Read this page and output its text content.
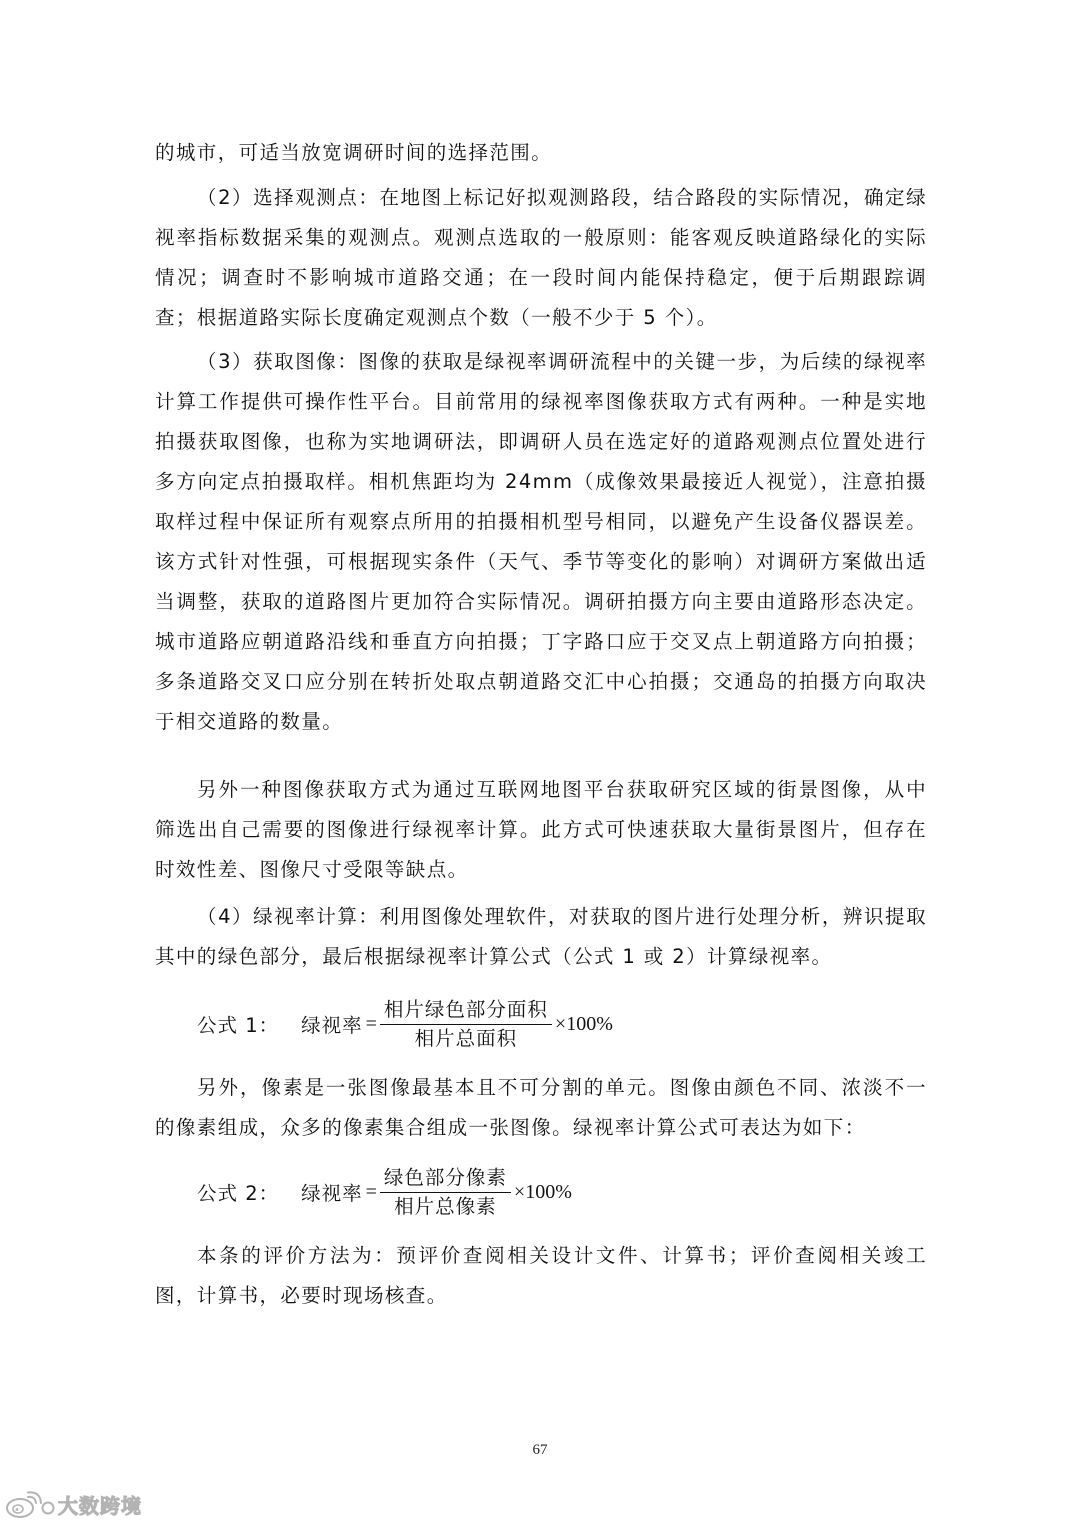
的城市，可适当放宽调研时间的选择范围。

（2）选择观测点：在地图上标记好拟观测路段，结合路段的实际情况，确定绿视率指标数据采集的观测点。观测点选取的一般原则：能客观反映道路绿化的实际情况；调查时不影响城市道路交通；在一段时间内能保持稳定，便于后期跟踪调查；根据道路实际长度确定观测点个数（一般不少于 5 个）。

（3）获取图像：图像的获取是绿视率调研流程中的关键一步，为后续的绿视率计算工作提供可操作性平台。目前常用的绿视率图像获取方式有两种。一种是实地拍摄获取图像，也称为实地调研法，即调研人员在选定好的道路观测点位置处进行多方向定点拍摄取样。相机焦距均为 24mm（成像效果最接近人视觉），注意拍摄取样过程中保证所有观察点所用的拍摄相机型号相同，以避免产生设备仪器误差。该方式针对性强，可根据现实条件（天气、季节等变化的影响）对调研方案做出适当调整，获取的道路图片更加符合实际情况。调研拍摄方向主要由道路形态决定。城市道路应朝道路沿线和垂直方向拍摄；丁字路口应于交叉点上朝道路方向拍摄；多条道路交叉口应分别在转折处取点朝道路交汇中心拍摄；交通岛的拍摄方向取决于相交道路的数量。

另外一种图像获取方式为通过互联网地图平台获取研究区域的街景图像，从中筛选出自己需要的图像进行绿视率计算。此方式可快速获取大量街景图片，但存在时效性差、图像尺寸受限等缺点。

（4）绿视率计算：利用图像处理软件，对获取的图片进行处理分析，辨识提取其中的绿色部分，最后根据绿视率计算公式（公式 1 或 2）计算绿视率。

公式 1： 绿视率 = $\frac{\text{相片绿色部分面积}}{\text{相片总面积}} \times 100\%$

另外，像素是一张图像最基本且不可分割的单元。图像由颜色不同、浓淡不一的像素组成，众多的像素集合组成一张图像。绿视率计算公式可表达为如下：

公式 2： 绿视率 = $\frac{\text{绿色部分像素}}{\text{相片总像素}} \times 100\%$

本条的评价方法为：预评价查阅相关设计文件、计算书；评价查阅相关竣工图，计算书，必要时现场核查。

67
大数跨境
